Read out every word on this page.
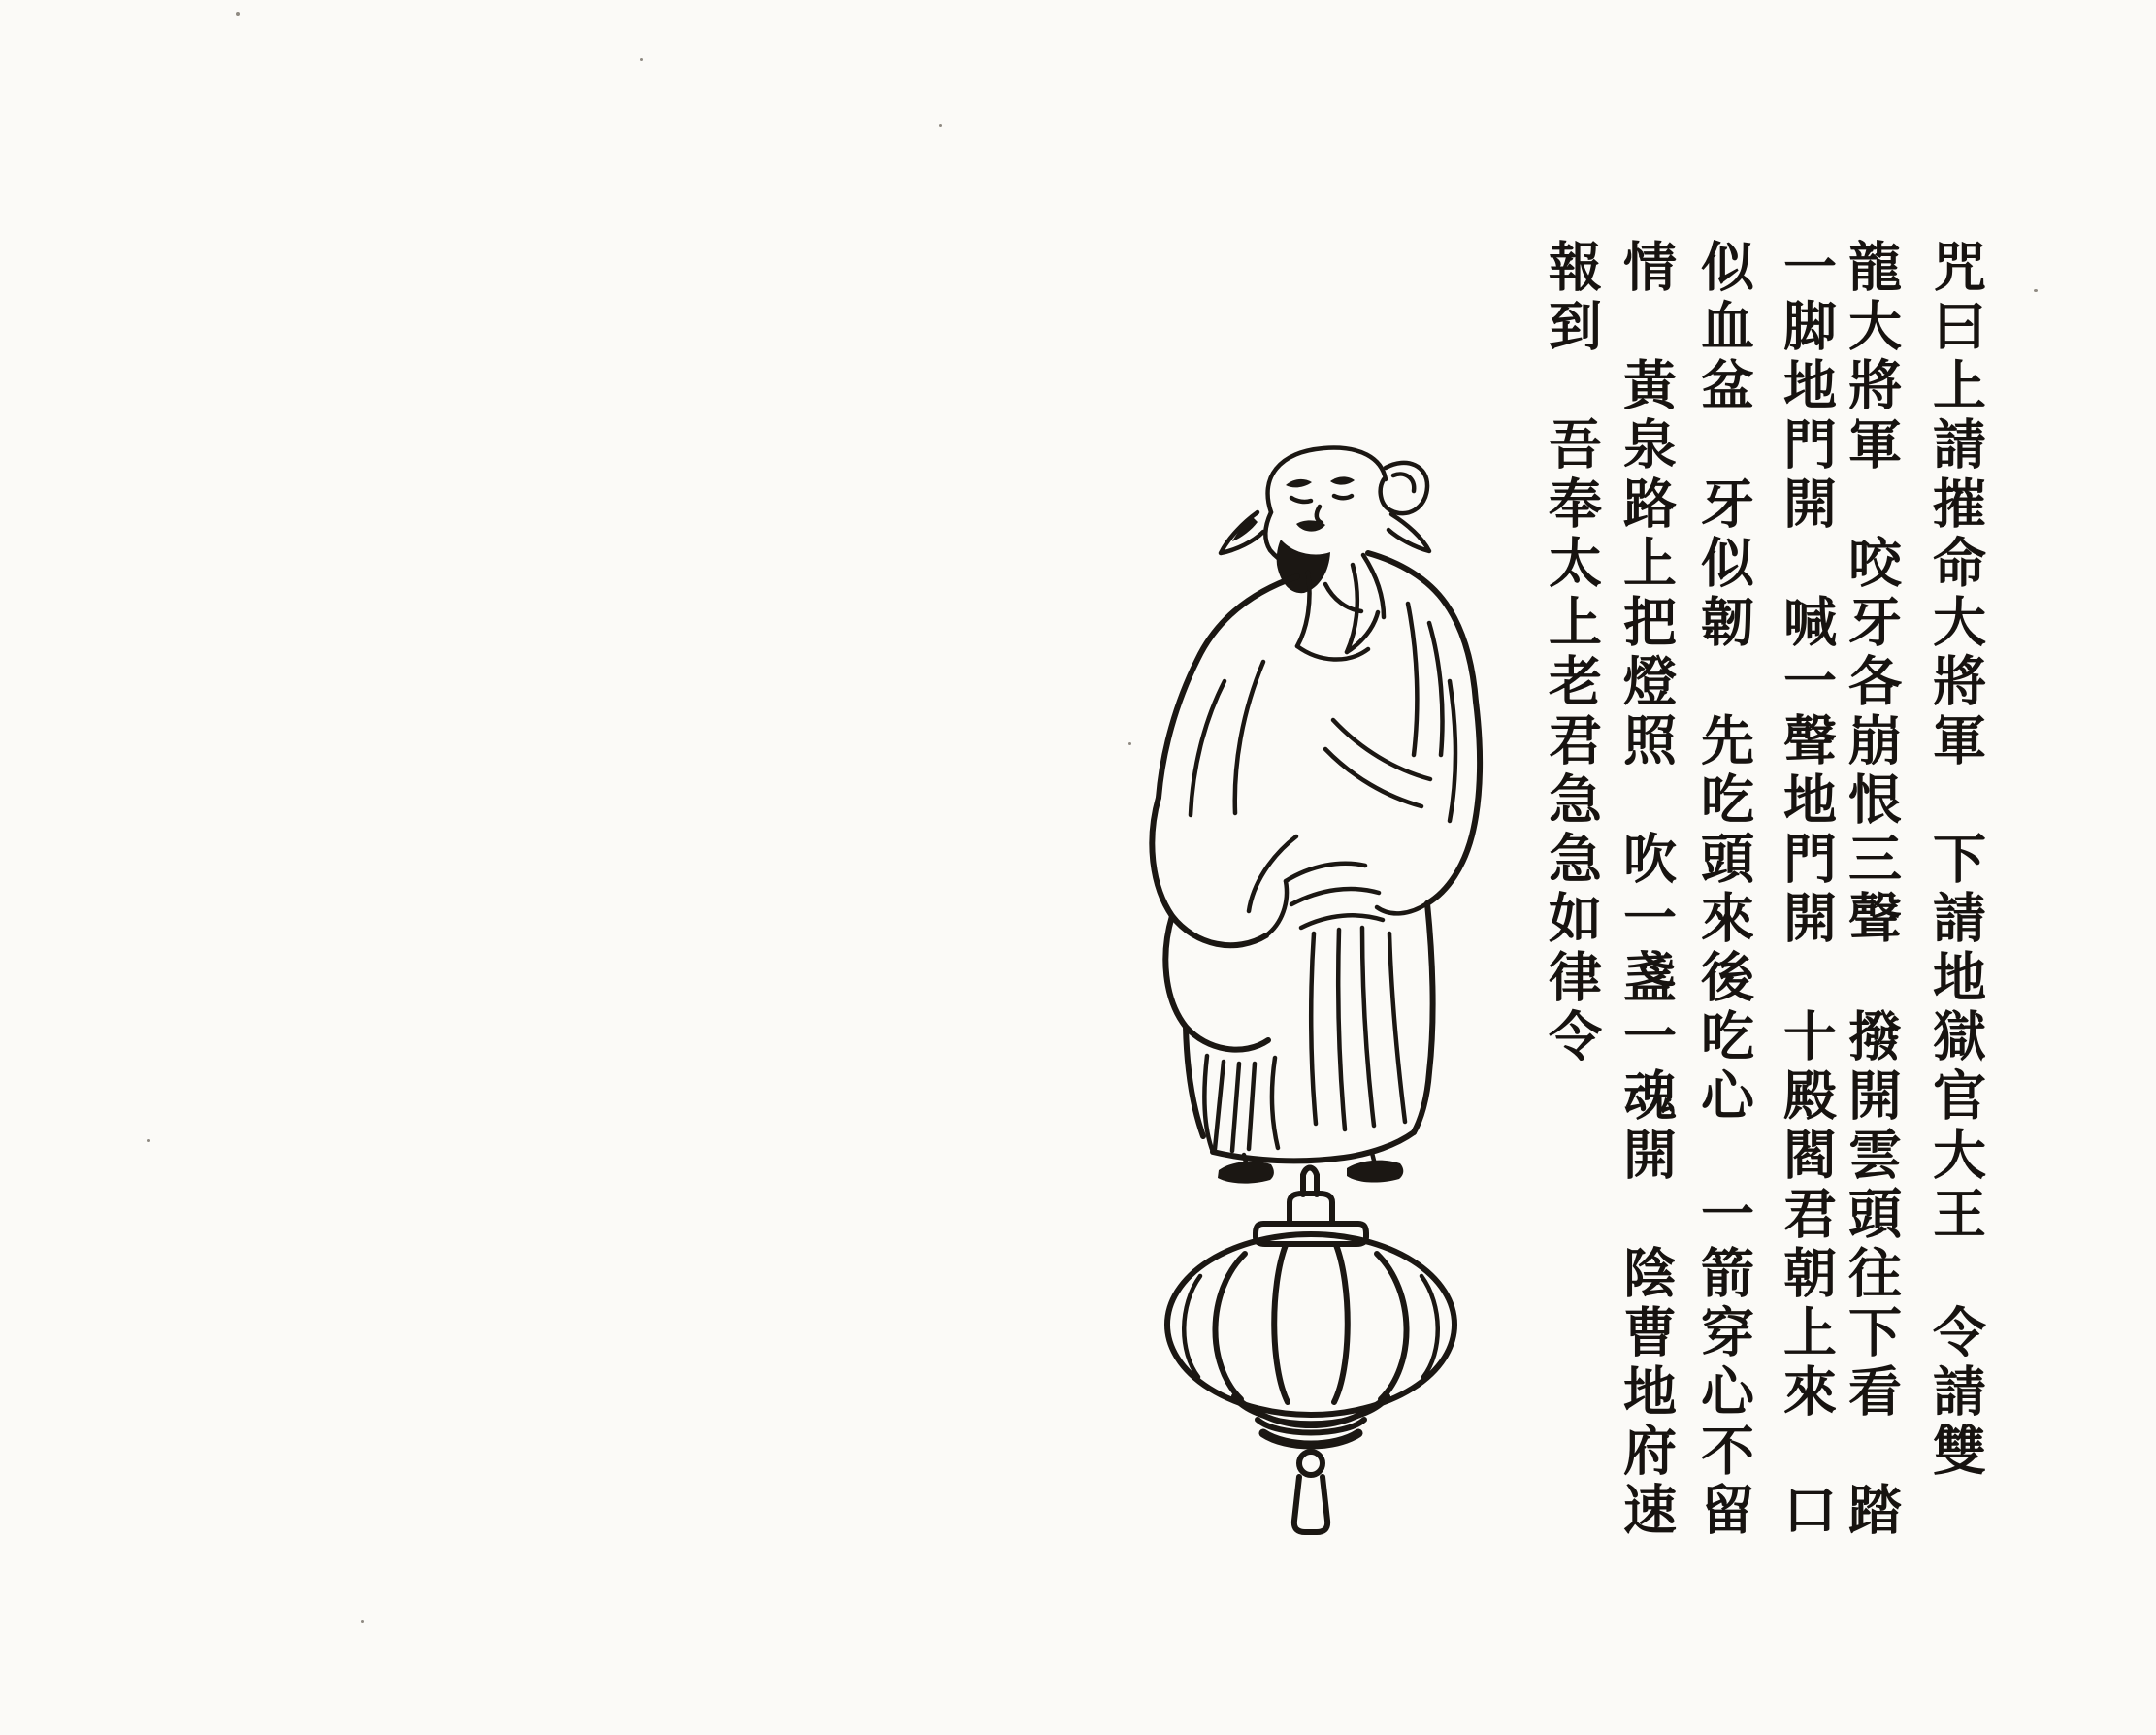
咒曰上請摧命大將軍　下請地獄官大王　令請雙
龍大將軍　咬牙各崩恨三聲　撥開雲頭往下看　踏
一脚地門開　喊一聲地門開　十殿閻君朝上來　口
似血盆　牙似韌　先吃頭來後吃心　一箭穿心不留
情　黃泉路上把燈照　吹一盞一魂開　陰曹地府速
報到　吾奉太上老君急急如律令
